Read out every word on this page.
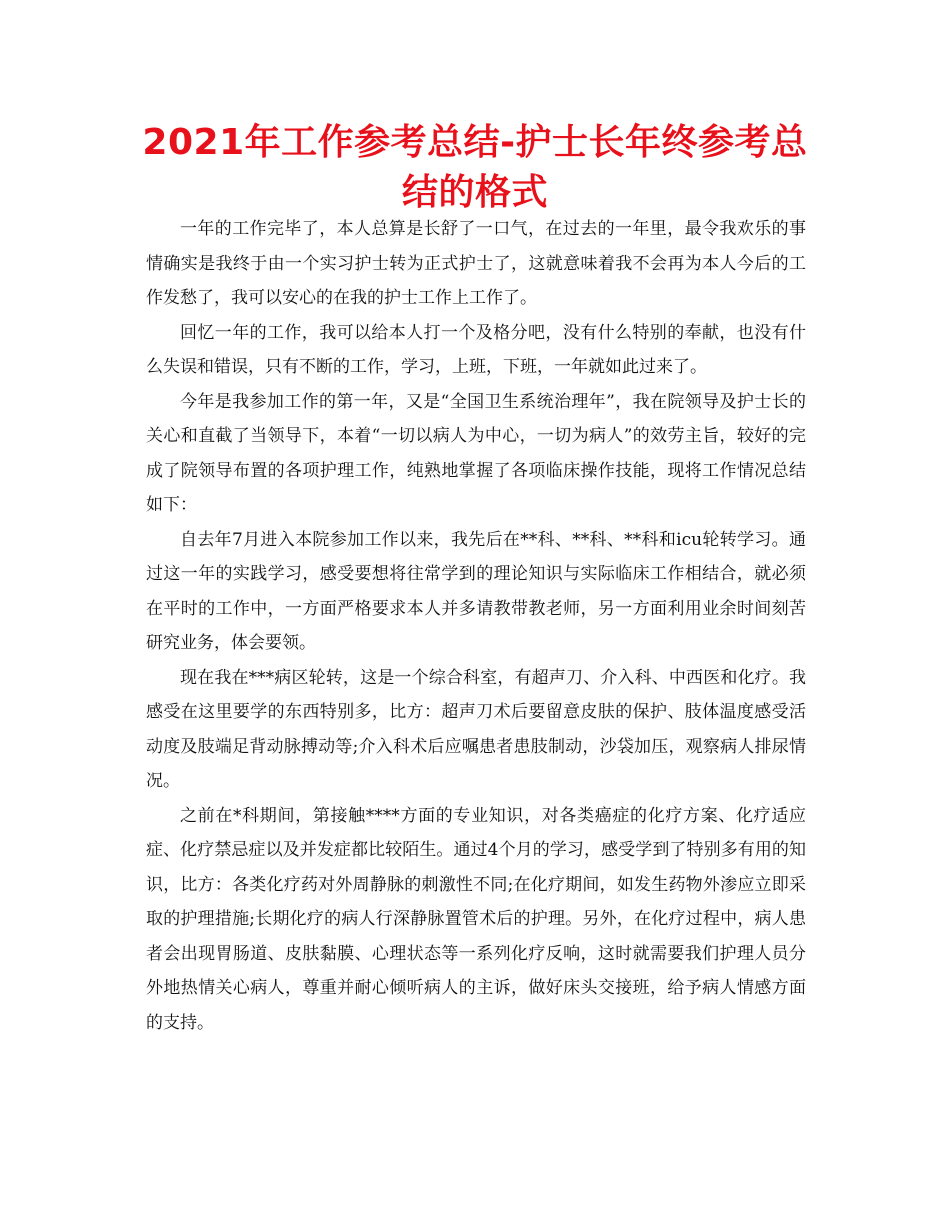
2021年工作参考总结-护士长年终参考总结的格式

一年的工作完毕了，本人总算是长舒了一口气，在过去的一年里，最令我欢乐的事情确实是我终于由一个实习护士转为正式护士了，这就意味着我不会再为本人今后的工作发愁了，我可以安心的在我的护士工作上工作了。

回忆一年的工作，我可以给本人打一个及格分吧，没有什么特别的奉献，也没有什么失误和错误，只有不断的工作，学习，上班，下班，一年就如此过来了。

今年是我参加工作的第一年，又是“全国卫生系统治理年”，我在院领导及护士长的关心和直截了当领导下，本着“一切以病人为中心，一切为病人”的效劳主旨，较好的完成了院领导布置的各项护理工作，纯熟地掌握了各项临床操作技能，现将工作情况总结如下：

自去年7月进入本院参加工作以来，我先后在**科、**科、**科和icu轮转学习。通过这一年的实践学习，感受要想将往常学到的理论知识与实际临床工作相结合，就必须在平时的工作中，一方面严格要求本人并多请教带教老师，另一方面利用业余时间刻苦研究业务，体会要领。

现在我在***病区轮转，这是一个综合科室，有超声刀、介入科、中西医和化疗。我感受在这里要学的东西特别多，比方：超声刀术后要留意皮肤的保护、肢体温度感受活动度及肢端足背动脉搏动等;介入科术后应嘱患者患肢制动，沙袋加压，观察病人排尿情况。

之前在*科期间，第接触****方面的专业知识，对各类癌症的化疗方案、化疗适应症、化疗禁忌症以及并发症都比较陌生。通过4个月的学习，感受学到了特别多有用的知识，比方：各类化疗药对外周静脉的刺激性不同;在化疗期间，如发生药物外渗应立即采取的护理措施;长期化疗的病人行深静脉置管术后的护理。另外，在化疗过程中，病人患者会出现胃肠道、皮肤黏膜、心理状态等一系列化疗反响，这时就需要我们护理人员分外地热情关心病人，尊重并耐心倾听病人的主诉，做好床头交接班，给予病人情感方面的支持。
